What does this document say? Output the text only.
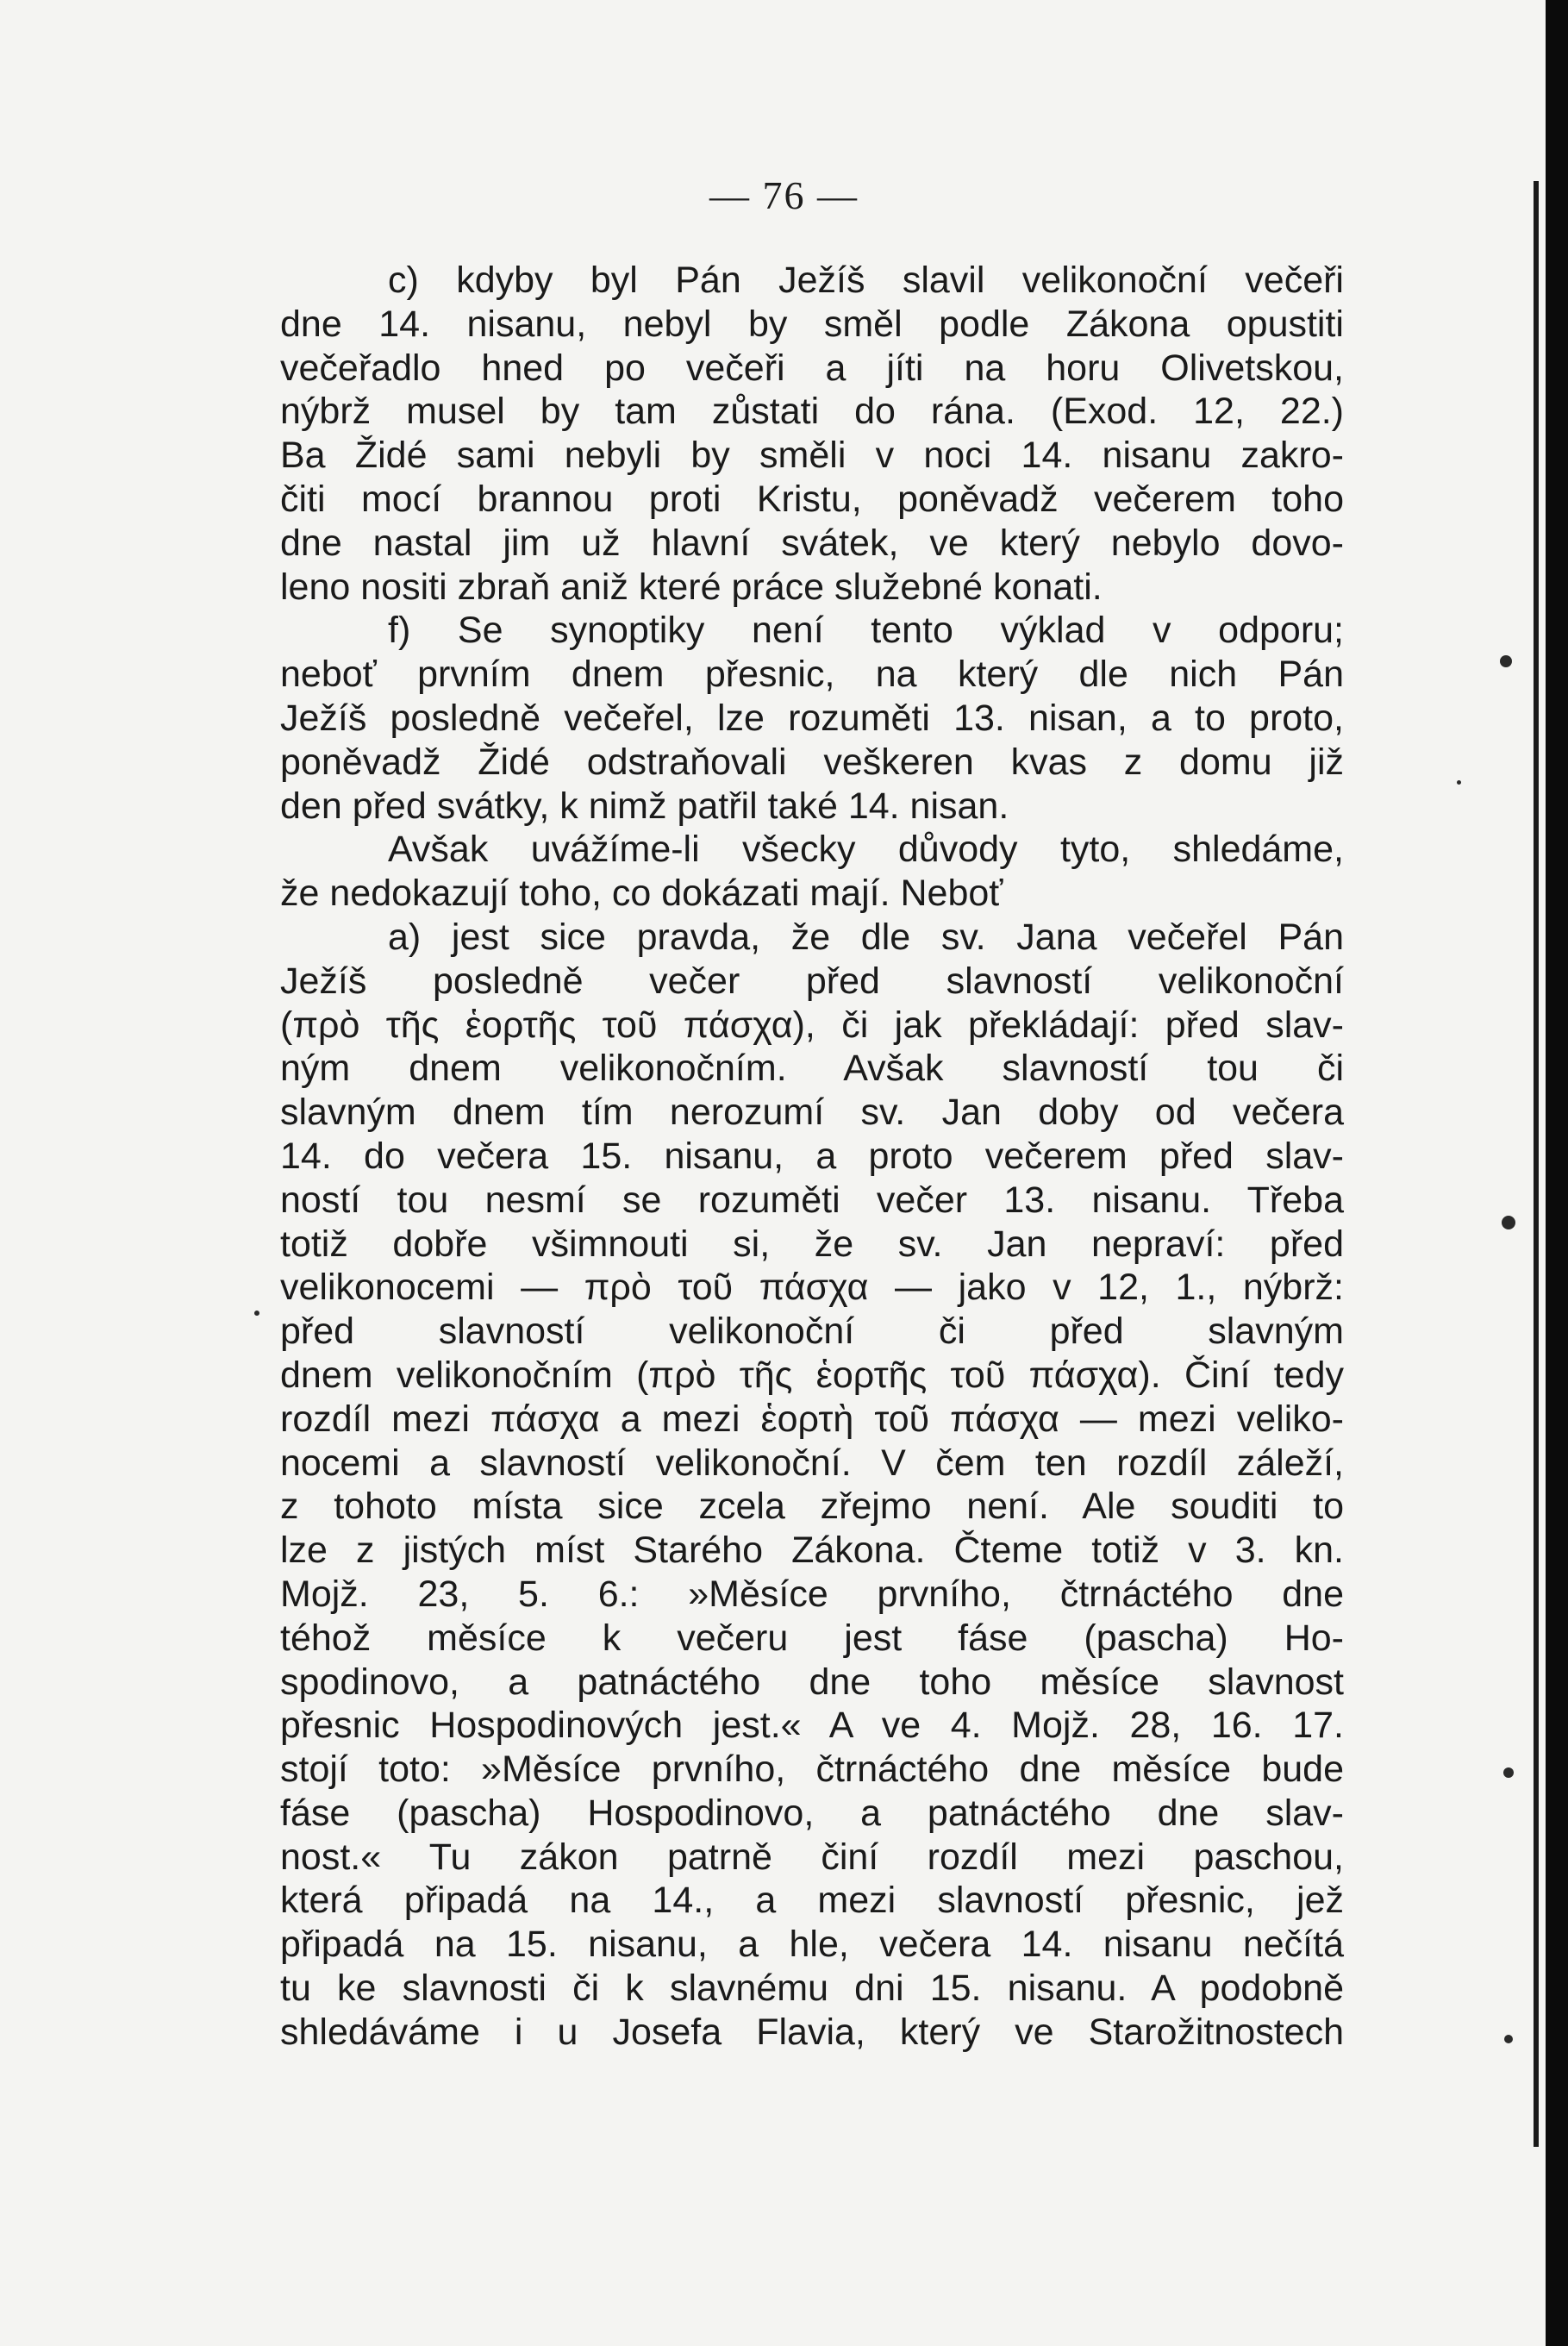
— 76 —
c) kdyby byl Pán Ježíš slavil velikonoční večeři
dne 14. nisanu, nebyl by směl podle Zákona opustiti
večeřadlo hned po večeři a jíti na horu Olivetskou,
nýbrž musel by tam zůstati do rána. (Exod. 12, 22.)
Ba Židé sami nebyli by směli v noci 14. nisanu zakro-
čiti mocí brannou proti Kristu, poněvadž večerem toho
dne nastal jim už hlavní svátek, ve který nebylo dovo-
leno nositi zbraň aniž které práce služebné konati.
f) Se synoptiky není tento výklad v odporu;
neboť prvním dnem přesnic, na který dle nich Pán
Ježíš posledně večeřel, lze rozuměti 13. nisan, a to proto,
poněvadž Židé odstraňovali veškeren kvas z domu již
den před svátky, k nimž patřil také 14. nisan.
Avšak uvážíme-li všecky důvody tyto, shledáme,
že nedokazují toho, co dokázati mají. Neboť
a) jest sice pravda, že dle sv. Jana večeřel Pán
Ježíš posledně večer před slavností velikonoční
(πρὸ τῆς ἑορτῆς τοῦ πάσχα), či jak překládají: před slav-
ným dnem velikonočním. Avšak slavností tou či
slavným dnem tím nerozumí sv. Jan doby od večera
14. do večera 15. nisanu, a proto večerem před slav-
ností tou nesmí se rozuměti večer 13. nisanu. Třeba
totiž dobře všimnouti si, že sv. Jan nepraví: před
velikonocemi — πρὸ τοῦ πάσχα — jako v 12, 1., nýbrž:
před slavností velikonoční či před slavným
dnem velikonočním (πρὸ τῆς ἑορτῆς τοῦ πάσχα). Činí tedy
rozdíl mezi πάσχα a mezi ἑορτὴ τοῦ πάσχα — mezi veliko-
nocemi a slavností velikonoční. V čem ten rozdíl záleží,
z tohoto místa sice zcela zřejmo není. Ale souditi to
lze z jistých míst Starého Zákona. Čteme totiž v 3. kn.
Mojž. 23, 5. 6.: »Měsíce prvního, čtrnáctého dne
téhož měsíce k večeru jest fáse (pascha) Ho-
spodinovo, a patnáctého dne toho měsíce slavnost
přesnic Hospodinových jest.« A ve 4. Mojž. 28, 16. 17.
stojí toto: »Měsíce prvního, čtrnáctého dne měsíce bude
fáse (pascha) Hospodinovo, a patnáctého dne slav-
nost.« Tu zákon patrně činí rozdíl mezi paschou,
která připadá na 14., a mezi slavností přesnic, jež
připadá na 15. nisanu, a hle, večera 14. nisanu nečítá
tu ke slavnosti či k slavnému dni 15. nisanu. A podobně
shledáváme i u Josefa Flavia, který ve Starožitnostech
